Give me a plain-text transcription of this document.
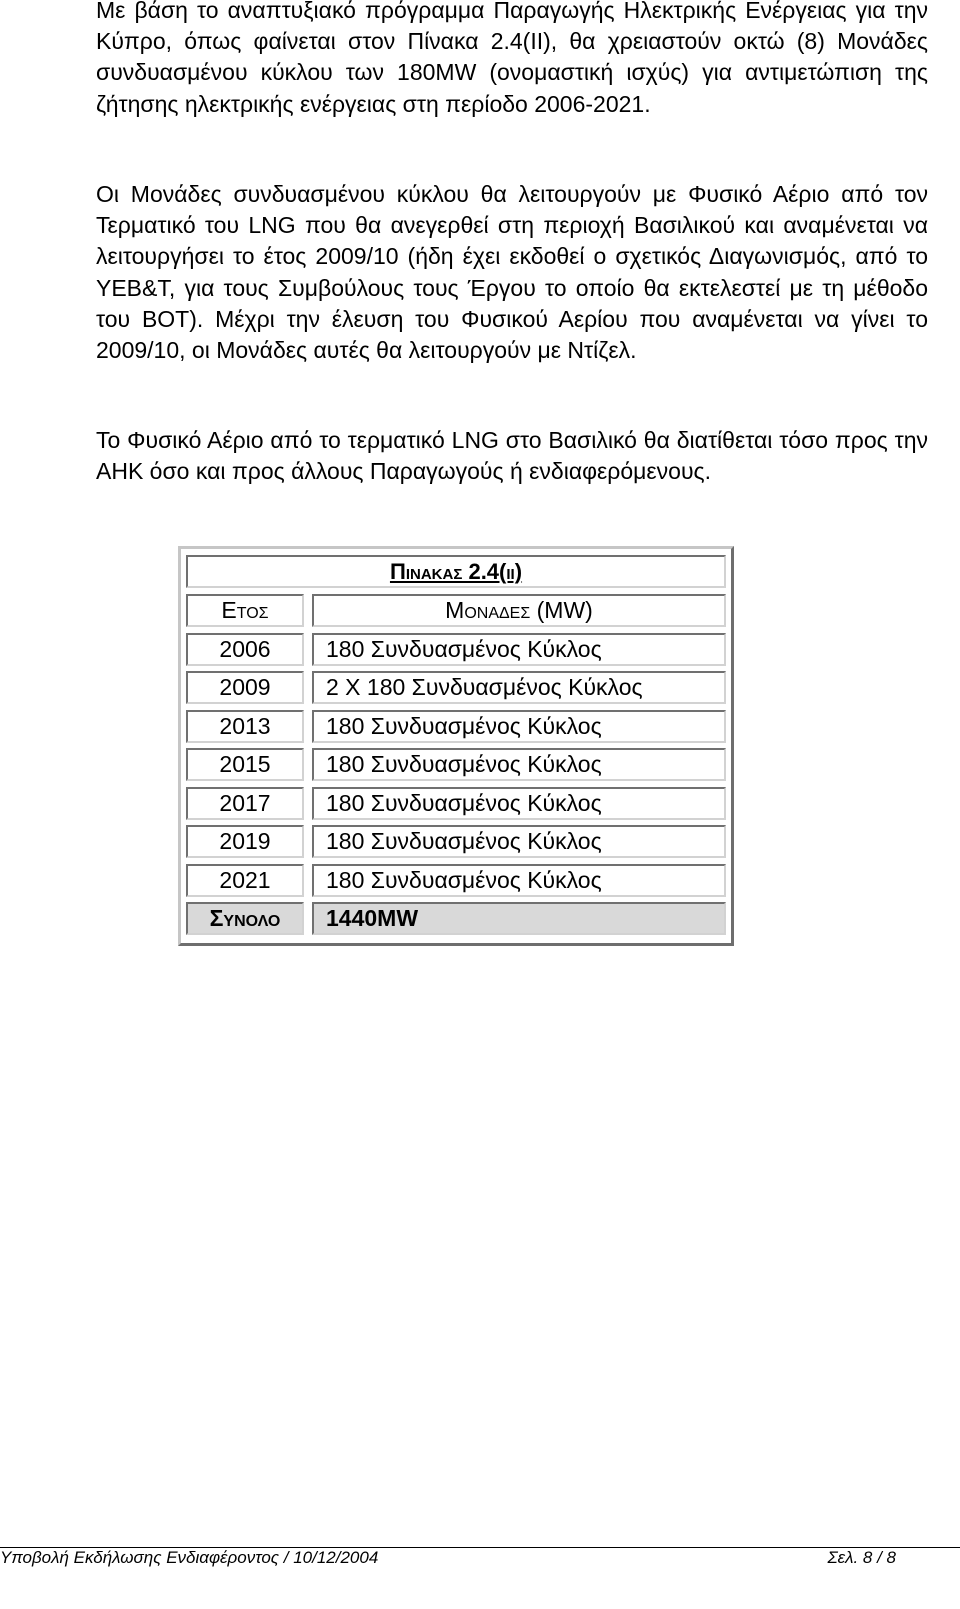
Με βάση το αναπτυξιακό πρόγραμμα Παραγωγής Ηλεκτρικής Ενέργειας για την Κύπρο, όπως φαίνεται στον Πίνακα 2.4(ΙΙ), θα χρειαστούν οκτώ (8) Μονάδες συνδυασμένου κύκλου των 180MW (ονομαστική ισχύς) για αντιμετώπιση της ζήτησης ηλεκτρικής ενέργειας στη περίοδο 2006-2021.

Οι Μονάδες συνδυασμένου κύκλου θα λειτουργούν με Φυσικό Αέριο από τον Τερματικό του LNG που θα ανεγερθεί στη περιοχή Βασιλικού και αναμένεται να λειτουργήσει το έτος 2009/10 (ήδη έχει εκδοθεί ο σχετικός Διαγωνισμός, από το ΥΕΒ&Τ, για τους Συμβούλους τους Έργου το οποίο θα εκτελεστεί με τη μέθοδο του ΒΟΤ). Μέχρι την έλευση του Φυσικού Αερίου που αναμένεται να γίνει το 2009/10, οι Μονάδες αυτές θα λειτουργούν με Ντίζελ.

Το Φυσικό Αέριο από το τερματικό LNG στο Βασιλικό θα διατίθεται τόσο προς την ΑΗΚ όσο και προς άλλους Παραγωγούς ή ενδιαφερόμενους.

Πινακας 2.4(ιι)
Ετος	Μοναδες (MW)
2006	180 Συνδυασμένος Κύκλος
2009	2 X 180 Συνδυασμένος Κύκλος
2013	180 Συνδυασμένος Κύκλος
2015	180 Συνδυασμένος Κύκλος
2017	180 Συνδυασμένος Κύκλος
2019	180 Συνδυασμένος Κύκλος
2021	180 Συνδυασμένος Κύκλος
Συνολο	1440MW
Υποβολή Εκδήλωσης Ενδιαφέροντος / 10/12/2004	Σελ. 8 / 8
